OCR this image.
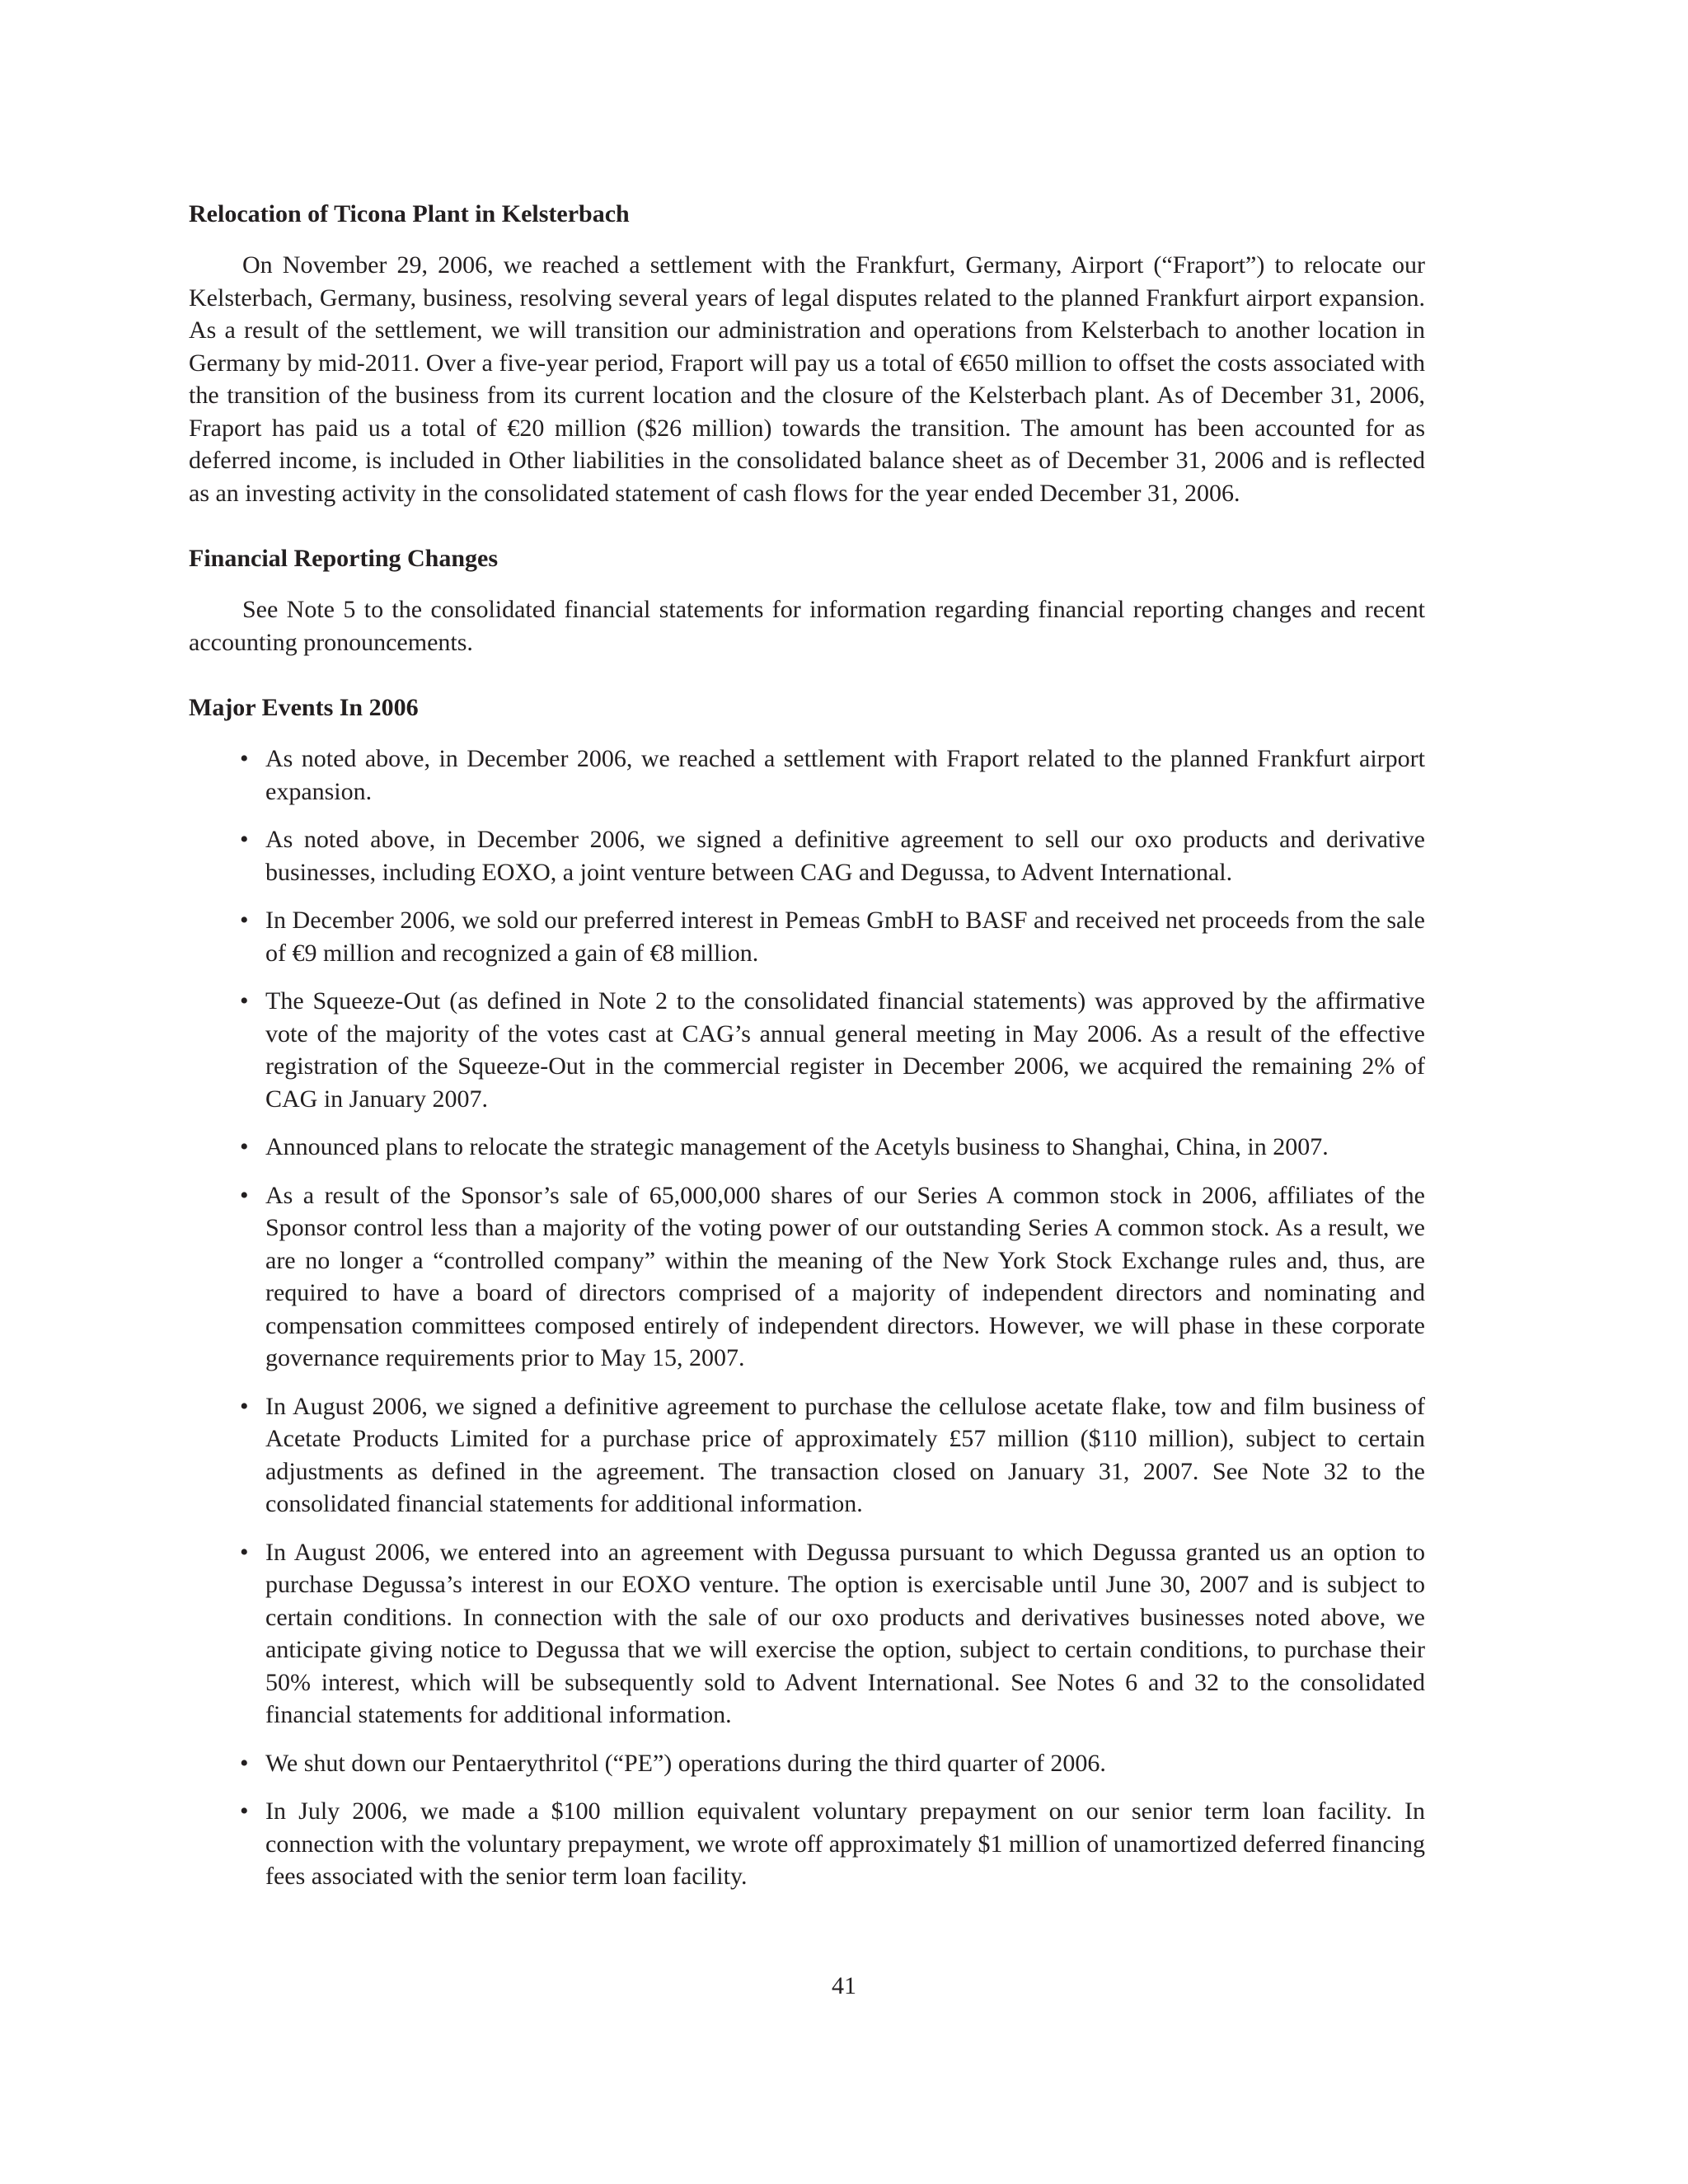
Relocation of Ticona Plant in Kelsterbach

On November 29, 2006, we reached a settlement with the Frankfurt, Germany, Airport (“Fraport”) to relocate our Kelsterbach, Germany, business, resolving several years of legal disputes related to the planned Frankfurt airport expansion. As a result of the settlement, we will transition our administration and operations from Kelsterbach to another location in Germany by mid-2011. Over a five-year period, Fraport will pay us a total of €650 million to offset the costs associated with the transition of the business from its current location and the closure of the Kelsterbach plant. As of December 31, 2006, Fraport has paid us a total of €20 million ($26 million) towards the transition. The amount has been accounted for as deferred income, is included in Other liabilities in the consolidated balance sheet as of December 31, 2006 and is reflected as an investing activity in the consolidated statement of cash flows for the year ended December 31, 2006.

Financial Reporting Changes

See Note 5 to the consolidated financial statements for information regarding financial reporting changes and recent accounting pronouncements.

Major Events In 2006
• As noted above, in December 2006, we reached a settlement with Fraport related to the planned Frankfurt airport expansion.
• As noted above, in December 2006, we signed a definitive agreement to sell our oxo products and derivative businesses, including EOXO, a joint venture between CAG and Degussa, to Advent International.
• In December 2006, we sold our preferred interest in Pemeas GmbH to BASF and received net proceeds from the sale of €9 million and recognized a gain of €8 million.
• The Squeeze-Out (as defined in Note 2 to the consolidated financial statements) was approved by the affirmative vote of the majority of the votes cast at CAG’s annual general meeting in May 2006. As a result of the effective registration of the Squeeze-Out in the commercial register in December 2006, we acquired the remaining 2% of CAG in January 2007.
• Announced plans to relocate the strategic management of the Acetyls business to Shanghai, China, in 2007.
• As a result of the Sponsor’s sale of 65,000,000 shares of our Series A common stock in 2006, affiliates of the Sponsor control less than a majority of the voting power of our outstanding Series A common stock. As a result, we are no longer a “controlled company” within the meaning of the New York Stock Exchange rules and, thus, are required to have a board of directors comprised of a majority of independent directors and nominating and compensation committees composed entirely of independent directors. However, we will phase in these corporate governance requirements prior to May 15, 2007.
• In August 2006, we signed a definitive agreement to purchase the cellulose acetate flake, tow and film business of Acetate Products Limited for a purchase price of approximately £57 million ($110 million), subject to certain adjustments as defined in the agreement. The transaction closed on January 31, 2007. See Note 32 to the consolidated financial statements for additional information.
• In August 2006, we entered into an agreement with Degussa pursuant to which Degussa granted us an option to purchase Degussa’s interest in our EOXO venture. The option is exercisable until June 30, 2007 and is subject to certain conditions. In connection with the sale of our oxo products and derivatives businesses noted above, we anticipate giving notice to Degussa that we will exercise the option, subject to certain conditions, to purchase their 50% interest, which will be subsequently sold to Advent International. See Notes 6 and 32 to the consolidated financial statements for additional information.
• We shut down our Pentaerythritol (“PE”) operations during the third quarter of 2006.
• In July 2006, we made a $100 million equivalent voluntary prepayment on our senior term loan facility. In connection with the voluntary prepayment, we wrote off approximately $1 million of unamortized deferred financing fees associated with the senior term loan facility.
41
